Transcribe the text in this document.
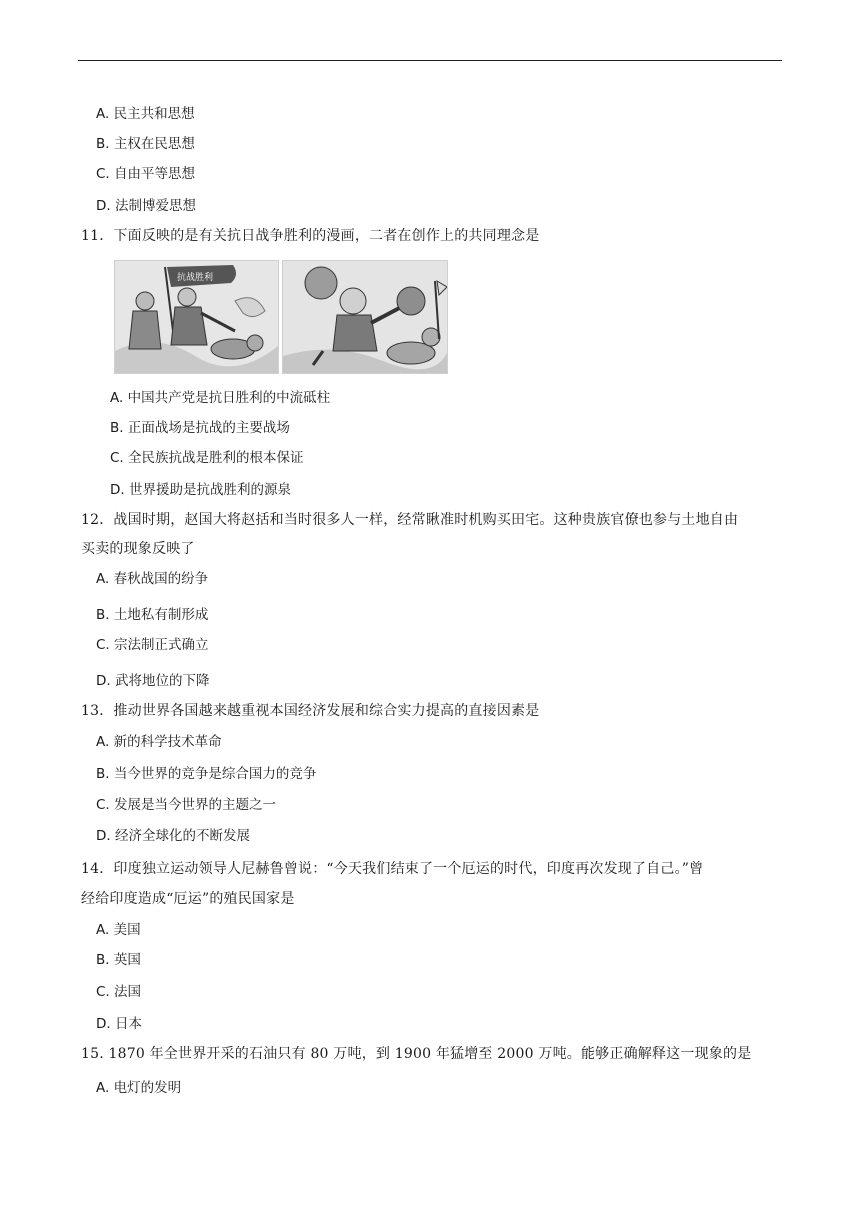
A. 民主共和思想
B. 主权在民思想
C. 自由平等思想
D. 法制博爱思想
11．下面反映的是有关抗日战争胜利的漫画，二者在创作上的共同理念是
抗战胜利
A. 中国共产党是抗日胜利的中流砥柱
B. 正面战场是抗战的主要战场
C. 全民族抗战是胜利的根本保证
D. 世界援助是抗战胜利的源泉
12．战国时期，赵国大将赵括和当时很多人一样，经常瞅准时机购买田宅。这种贵族官僚也参与土地自由
买卖的现象反映了
A. 春秋战国的纷争
B. 土地私有制形成
C. 宗法制正式确立
D. 武将地位的下降
13．推动世界各国越来越重视本国经济发展和综合实力提高的直接因素是
A. 新的科学技术革命
B. 当今世界的竞争是综合国力的竞争
C. 发展是当今世界的主题之一
D. 经济全球化的不断发展
14．印度独立运动领导人尼赫鲁曾说：“今天我们结束了一个厄运的时代，印度再次发现了自己。”曾
经给印度造成“厄运”的殖民国家是
A. 美国
B. 英国
C. 法国
D. 日本
15. 1870 年全世界开采的石油只有 80 万吨，到 1900 年猛增至 2000 万吨。能够正确解释这一现象的是
A. 电灯的发明
